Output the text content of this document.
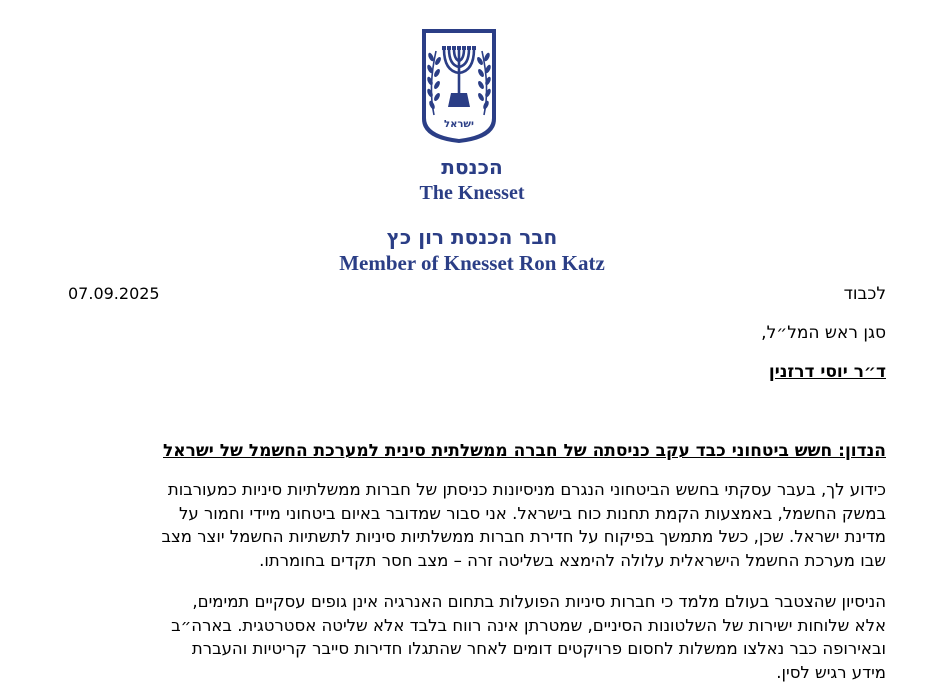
ישראל

הכנסת

The Knesset

חבר הכנסת רון כץ

Member of Knesset Ron Katz

07.09.2025	לכבוד

סגן ראש המל״ל,

ד״ר יוסי דרזנין

הנדון: חשש ביטחוני כבד עקב כניסתה של חברה ממשלתית סינית למערכת החשמל של ישראל

כידוע לך, בעבר עסקתי בחשש הביטחוני הנגרם מניסיונות כניסתן של חברות ממשלתיות סיניות כמעורבות
במשק החשמל, באמצעות הקמת תחנות כוח בישראל. אני סבור שמדובר באיום ביטחוני מיידי וחמור על
מדינת ישראל. שכן, כשל מתמשך בפיקוח על חדירת חברות ממשלתיות סיניות לתשתיות החשמל יוצר מצב
שבו מערכת החשמל הישראלית עלולה להימצא בשליטה זרה – מצב חסר תקדים בחומרתו.
הניסיון שהצטבר בעולם מלמד כי חברות סיניות הפועלות בתחום האנרגיה אינן גופים עסקיים תמימים,
אלא שלוחות ישירות של השלטונות הסיניים, שמטרתן אינה רווח בלבד אלא שליטה אסטרטגית. בארה״ב
ובאירופה כבר נאלצו ממשלות לחסום פרויקטים דומים לאחר שהתגלו חדירות סייבר קריטיות והעברת
מידע רגיש לסין.
